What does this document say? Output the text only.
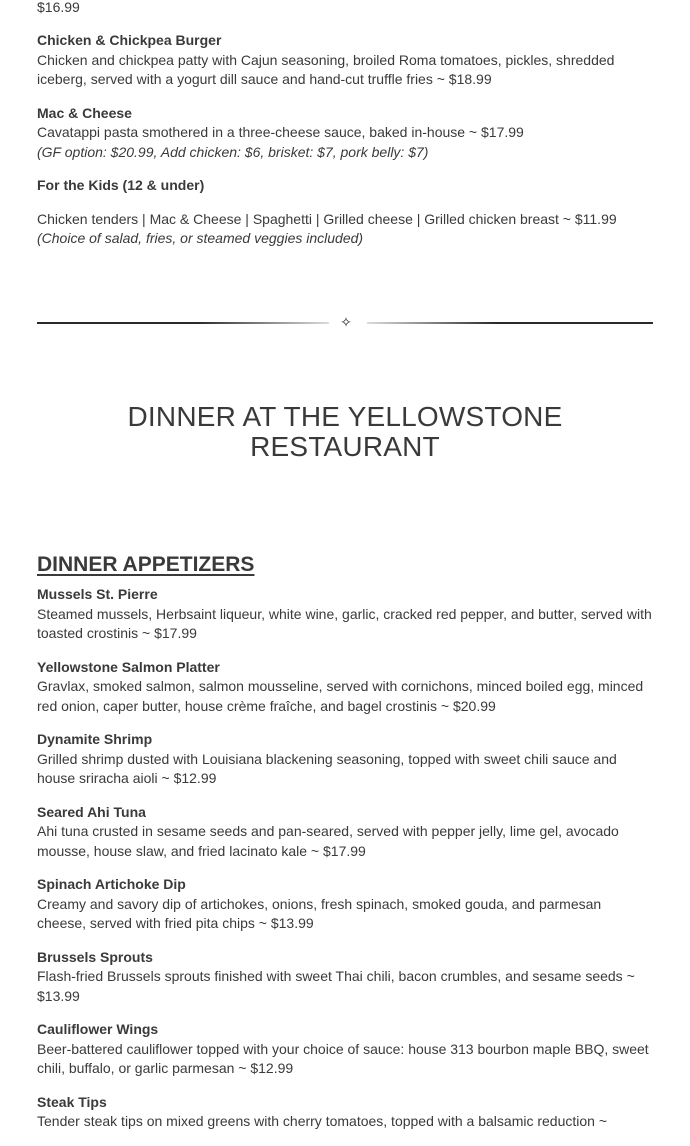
$16.99
Chicken & Chickpea Burger
Chicken and chickpea patty with Cajun seasoning, broiled Roma tomatoes, pickles, shredded iceberg, served with a yogurt dill sauce and hand-cut truffle fries ~ $18.99
Mac & Cheese
Cavatappi pasta smothered in a three-cheese sauce, baked in-house ~ $17.99
(GF option: $20.99, Add chicken: $6, brisket: $7, pork belly: $7)
For the Kids (12 & under)
Chicken tenders | Mac & Cheese | Spaghetti | Grilled cheese | Grilled chicken breast ~ $11.99
(Choice of salad, fries, or steamed veggies included)
✧
DINNER AT THE YELLOWSTONE RESTAURANT
DINNER APPETIZERS
Mussels St. Pierre
Steamed mussels, Herbsaint liqueur, white wine, garlic, cracked red pepper, and butter, served with toasted crostinis ~ $17.99
Yellowstone Salmon Platter
Gravlax, smoked salmon, salmon mousseline, served with cornichons, minced boiled egg, minced red onion, caper butter, house crème fraîche, and bagel crostinis ~ $20.99
Dynamite Shrimp
Grilled shrimp dusted with Louisiana blackening seasoning, topped with sweet chili sauce and house sriracha aioli ~ $12.99
Seared Ahi Tuna
Ahi tuna crusted in sesame seeds and pan-seared, served with pepper jelly, lime gel, avocado mousse, house slaw, and fried lacinato kale ~ $17.99
Spinach Artichoke Dip
Creamy and savory dip of artichokes, onions, fresh spinach, smoked gouda, and parmesan cheese, served with fried pita chips ~ $13.99
Brussels Sprouts
Flash-fried Brussels sprouts finished with sweet Thai chili, bacon crumbles, and sesame seeds ~ $13.99
Cauliflower Wings
Beer-battered cauliflower topped with your choice of sauce: house 313 bourbon maple BBQ, sweet chili, buffalo, or garlic parmesan ~ $12.99
Steak Tips
Tender steak tips on mixed greens with cherry tomatoes, topped with a balsamic reduction ~
